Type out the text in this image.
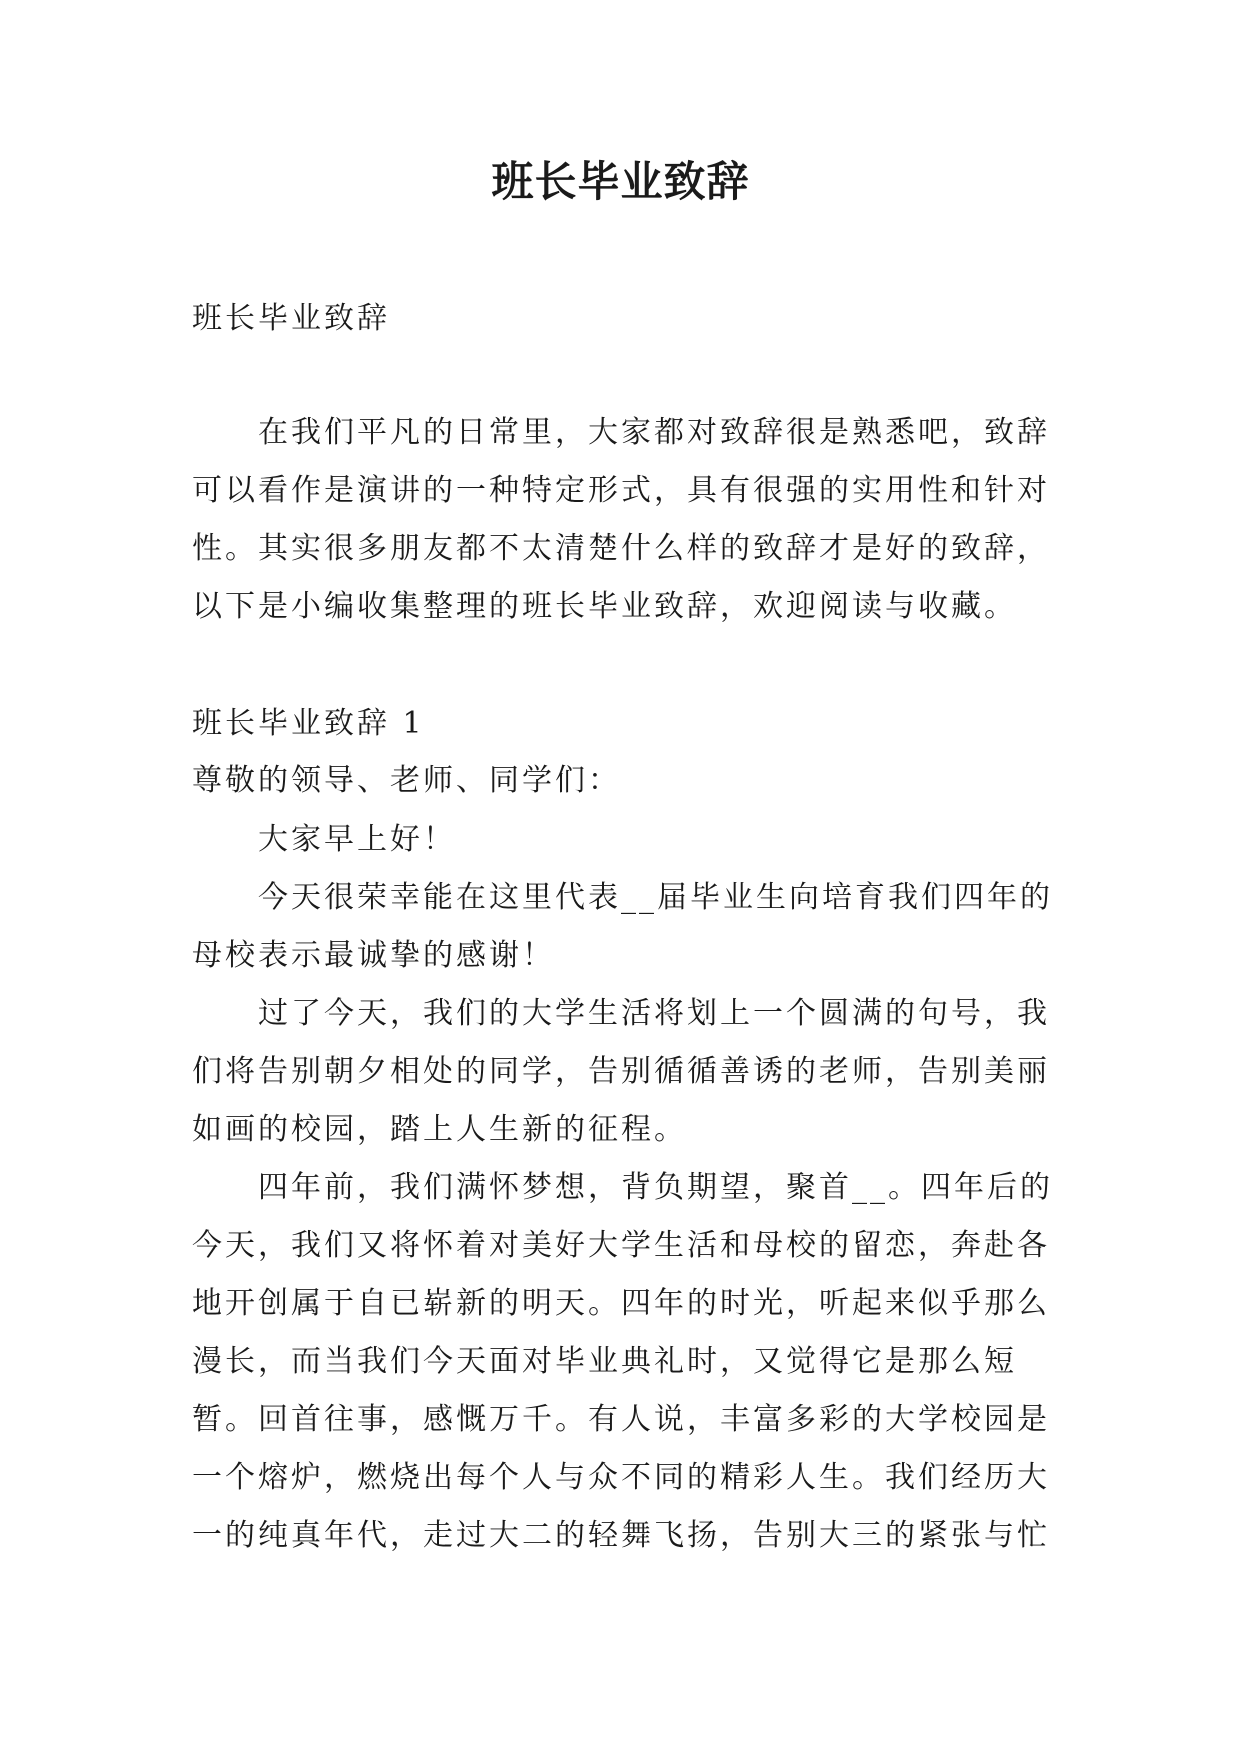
班长毕业致辞

班长毕业致辞

在我们平凡的日常里，大家都对致辞很是熟悉吧，致辞可以看作是演讲的一种特定形式，具有很强的实用性和针对性。其实很多朋友都不太清楚什么样的致辞才是好的致辞，以下是小编收集整理的班长毕业致辞，欢迎阅读与收藏。

班长毕业致辞 1

尊敬的领导、老师、同学们：

大家早上好！

今天很荣幸能在这里代表__届毕业生向培育我们四年的母校表示最诚挚的感谢！

过了今天，我们的大学生活将划上一个圆满的句号，我们将告别朝夕相处的同学，告别循循善诱的老师，告别美丽如画的校园，踏上人生新的征程。

四年前，我们满怀梦想，背负期望，聚首__。四年后的今天，我们又将怀着对美好大学生活和母校的留恋，奔赴各地开创属于自已崭新的明天。四年的时光，听起来似乎那么漫长，而当我们今天面对毕业典礼时，又觉得它是那么短暂。 回首往事，感慨万千。有人说，丰富多彩的大学校园是一个熔炉，燃烧出每个人与众不同的精彩人生。我们经历大一的纯真年代，走过大二的轻舞飞扬，告别大三的紧张与忙
